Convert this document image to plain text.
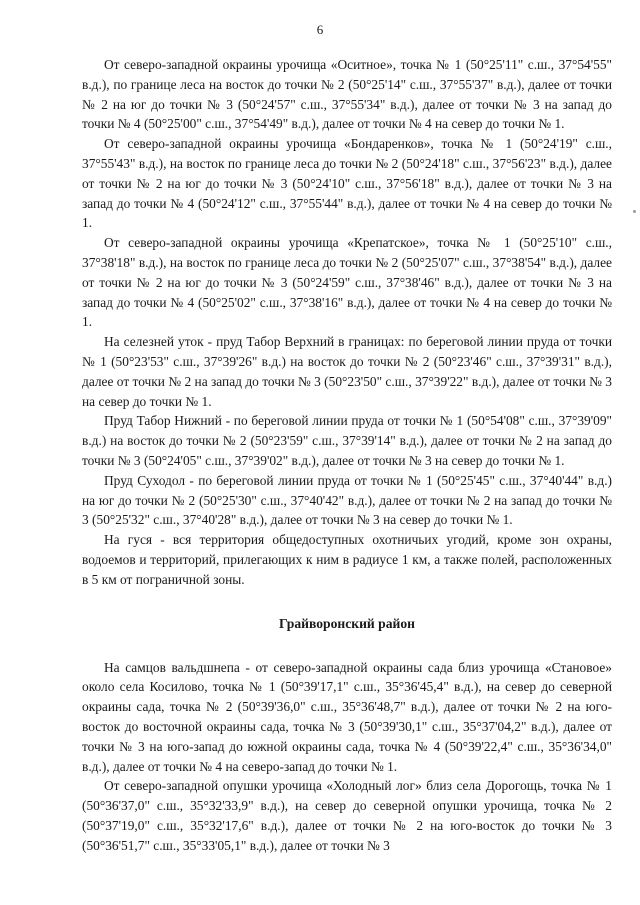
6

От северо-западной окраины урочища «Оситное», точка № 1 (50°25'11" с.ш., 37°54'55" в.д.), по границе леса на восток до точки № 2 (50°25'14" с.ш., 37°55'37" в.д.), далее от точки № 2 на юг до точки № 3 (50°24'57" с.ш., 37°55'34" в.д.), далее от точки № 3 на запад до точки № 4 (50°25'00" с.ш., 37°54'49" в.д.), далее от точки № 4 на север до точки № 1.

От северо-западной окраины урочища «Бондаренков», точка № 1 (50°24'19" с.ш., 37°55'43" в.д.), на восток по границе леса до точки № 2 (50°24'18" с.ш., 37°56'23" в.д.), далее от точки № 2 на юг до точки № 3 (50°24'10" с.ш., 37°56'18" в.д.), далее от точки № 3 на запад до точки № 4 (50°24'12" с.ш., 37°55'44" в.д.), далее от точки № 4 на север до точки № 1.

От северо-западной окраины урочища «Крепатское», точка № 1 (50°25'10" с.ш., 37°38'18" в.д.), на восток по границе леса до точки № 2 (50°25'07" с.ш., 37°38'54" в.д.), далее от точки № 2 на юг до точки № 3 (50°24'59" с.ш., 37°38'46" в.д.), далее от точки № 3 на запад до точки № 4 (50°25'02" с.ш., 37°38'16" в.д.), далее от точки № 4 на север до точки № 1.

На селезней уток - пруд Табор Верхний в границах: по береговой линии пруда от точки № 1 (50°23'53" с.ш., 37°39'26" в.д.) на восток до точки № 2 (50°23'46" с.ш., 37°39'31" в.д.), далее от точки № 2 на запад до точки № 3 (50°23'50" с.ш., 37°39'22" в.д.), далее от точки № 3 на север до точки № 1.

Пруд Табор Нижний - по береговой линии пруда от точки № 1 (50°54'08" с.ш., 37°39'09" в.д.) на восток до точки № 2 (50°23'59" с.ш., 37°39'14" в.д.), далее от точки № 2 на запад до точки № 3 (50°24'05" с.ш., 37°39'02" в.д.), далее от точки № 3 на север до точки № 1.

Пруд Суходол - по береговой линии пруда от точки № 1 (50°25'45" с.ш., 37°40'44" в.д.) на юг до точки № 2 (50°25'30" с.ш., 37°40'42" в.д.), далее от точки № 2 на запад до точки № 3 (50°25'32" с.ш., 37°40'28" в.д.), далее от точки № 3 на север до точки № 1.

На гуся - вся территория общедоступных охотничьих угодий, кроме зон охраны, водоемов и территорий, прилегающих к ним в радиусе 1 км, а также полей, расположенных в 5 км от пограничной зоны.

Грайворонский район

На самцов вальдшнепа - от северо-западной окраины сада близ урочища «Становое» около села Косилово, точка № 1 (50°39'17,1" с.ш., 35°36'45,4" в.д.), на север до северной окраины сада, точка № 2 (50°39'36,0" с.ш., 35°36'48,7" в.д.), далее от точки № 2 на юго-восток до восточной окраины сада, точка № 3 (50°39'30,1" с.ш., 35°37'04,2" в.д.), далее от точки № 3 на юго-запад до южной окраины сада, точка № 4 (50°39'22,4" с.ш., 35°36'34,0" в.д.), далее от точки № 4 на северо-запад до точки № 1.

От северо-западной опушки урочища «Холодный лог» близ села Дорогощь, точка № 1 (50°36'37,0" с.ш., 35°32'33,9" в.д.), на север до северной опушки урочища, точка № 2 (50°37'19,0" с.ш., 35°32'17,6" в.д.), далее от точки № 2 на юго-восток до точки № 3 (50°36'51,7" с.ш., 35°33'05,1" в.д.), далее от точки № 3
